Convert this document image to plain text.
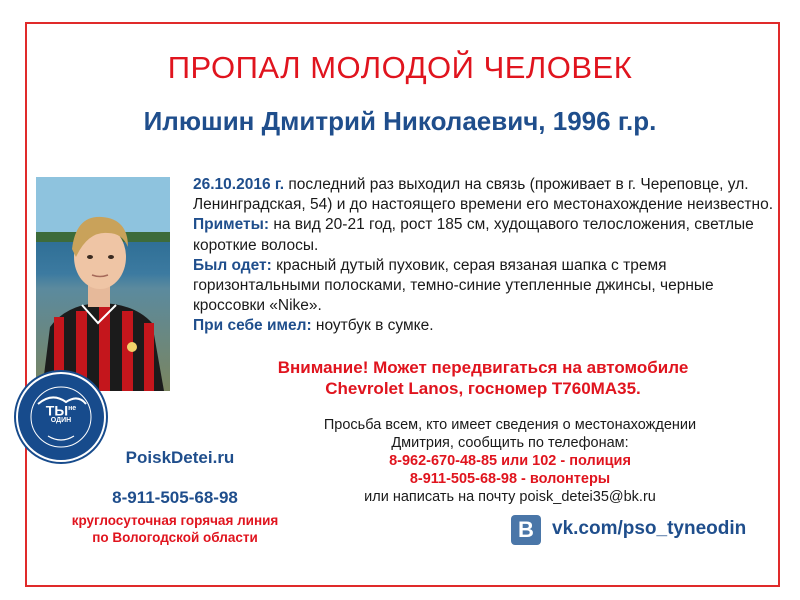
ПРОПАЛ МОЛОДОЙ ЧЕЛОВЕК
Илюшин Дмитрий Николаевич, 1996 г.р.
$ТЫ^{не}$
ОДИН

26.10.2016 г. последний раз выходил на связь (проживает в г. Череповце, ул. Ленинградская, 54) и до настоящего времени его местонахождение неизвестно.

Приметы: на вид 20-21 год, рост 185 см, худощавого телосложения, светлые короткие волосы.

Был одет: красный дутый пуховик, серая вязаная шапка с тремя горизонтальными полосками, темно-синие утепленные джинсы, черные кроссовки «Nike».

При себе имел: ноутбук в сумке.

Внимание! Может передвигаться на автомобиле
Chevrolet Lanos, госномер Т760МА35.
Просьба всем, кто имеет сведения о местонахождении
Дмитрия, сообщить по телефонам:
8-962-670-48-85 или 102 - полиция
8-911-505-68-98 - волонтеры
или написать на почту poisk_detei35@bk.ru
PoiskDetei.ru
8-911-505-68-98
круглосуточная горячая линия
по Вологодской области	В vk.com/pso_tyneodin
